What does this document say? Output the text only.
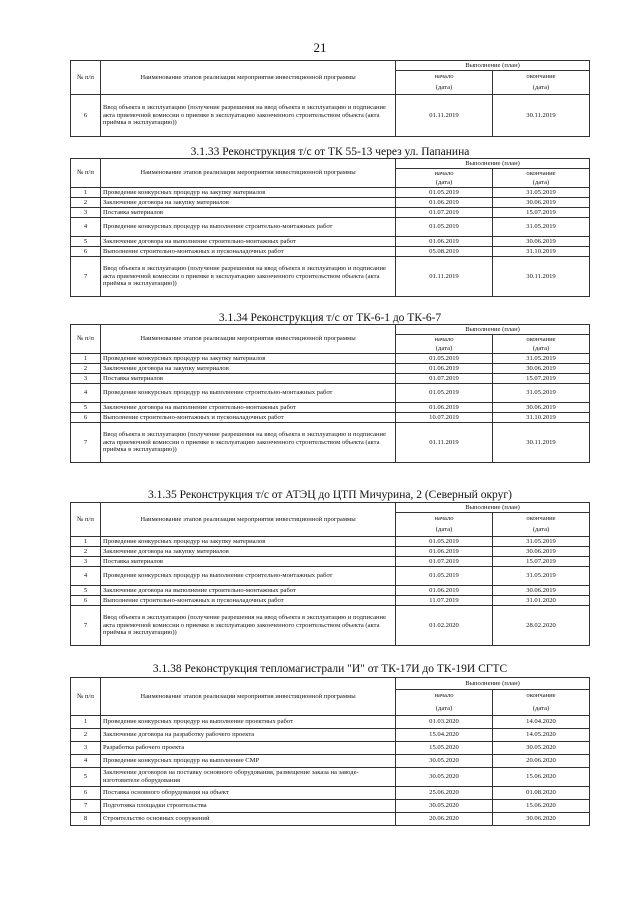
21
№ п/п	Наименование этапов реализации мероприятия инвестиционной программы	Выполнение (план)	
		начало	окончание
		(дата)	(дата)
6	Ввод объекта в эксплуатацию (получение разрешения на ввод объекта в эксплуатацию и подписание акта приемочной комиссии о приемке в эксплуатацию законченного строительством объекта (акта приёмка в эксплуатацию))	01.11.2019	30.11.2019
3.1.33 Реконструкция т/с от ТК 55-13 через ул. Папанина
№ п/п	Наименование этапов реализации мероприятия инвестиционной программы	Выполнение (план)	
		начало	окончание
		(дата)	(дата)
1	Проведение конкурсных процедур на закупку материалов	01.05.2019	31.05.2019
2	Заключение договора на закупку материалов	01.06.2019	30.06.2019
3	Поставка материалов	01.07.2019	15.07.2019
4	Проведение конкурсных процедур на выполнение строительно-монтажных работ	01.05.2019	31.05.2019
5	Заключение договора на выполнение строительно-монтажных работ	01.06.2019	30.06.2019
6	Выполнение строительно-монтажных и пусконаладочных работ	05.08.2019	31.10.2019
7	Ввод объекта в эксплуатацию (получение разрешения на ввод объекта в эксплуатацию и подписание акта приемочной комиссии о приемке в эксплуатацию законченного строительством объекта (акта приёмка в эксплуатацию))	01.11.2019	30.11.2019
3.1.34 Реконструкция т/с от ТК-6-1 до ТК-6-7
№ п/п	Наименование этапов реализации мероприятия инвестиционной программы	Выполнение (план)	
		начало	окончание
		(дата)	(дата)
1	Проведение конкурсных процедур на закупку материалов	01.05.2019	31.05.2019
2	Заключение договора на закупку материалов	01.06.2019	30.06.2019
3	Поставка материалов	01.07.2019	15.07.2019
4	Проведение конкурсных процедур на выполнение строительно-монтажных работ	01.05.2019	31.05.2019
5	Заключение договора на выполнение строительно-монтажных работ	01.06.2019	30.06.2019
6	Выполнение строительно-монтажных и пусконаладочных работ	10.07.2019	31.10.2019
7	Ввод объекта в эксплуатацию (получение разрешения на ввод объекта в эксплуатацию и подписание акта приемочной комиссии о приемке в эксплуатацию законченного строительством объекта (акта приёмка в эксплуатацию))	01.11.2019	30.11.2019
3.1.35 Реконструкция т/с от АТЭЦ до ЦТП Мичурина, 2 (Северный округ)
№ п/п	Наименование этапов реализации мероприятия инвестиционной программы	Выполнение (план)	
		начало	окончание
		(дата)	(дата)
1	Проведение конкурсных процедур на закупку материалов	01.05.2019	31.05.2019
2	Заключение договора на закупку материалов	01.06.2019	30.06.2019
3	Поставка материалов	01.07.2019	15.07.2019
4	Проведение конкурсных процедур на выполнение строительно-монтажных работ	01.05.2019	31.05.2019
5	Заключение договора на выполнение строительно-монтажных работ	01.06.2019	30.06.2019
6	Выполнение строительно-монтажных и пусконаладочных работ	11.07.2019	31.01.2020
7	Ввод объекта в эксплуатацию (получение разрешения на ввод объекта в эксплуатацию и подписание акта приемочной комиссии о приемке в эксплуатацию законченного строительством объекта (акта приёмка в эксплуатацию))	01.02.2020	28.02.2020
3.1.38 Реконструкция тепломагистрали "И" от ТК-17И до ТК-19И СГТС
№ п/п	Наименование этапов реализации мероприятия инвестиционной программы	Выполнение (план)	
		начало	окончание
		(дата)	(дата)
1	Проведение конкурсных процедур на выполнение проектных работ	01.03.2020	14.04.2020
2	Заключение договора на разработку рабочего проекта	15.04.2020	14.05.2020
3	Разработка рабочего проекта	15.05.2020	30.05.2020
4	Проведение конкурсных процедур на выполнение СМР	30.05.2020	20.06.2020
5	Заключение договоров на поставку основного оборудования, размещение заказа на заводе-изготовителе оборудования	30.05.2020	15.06.2020
6	Поставка основного оборудования на объект	25.06.2020	01.08.2020
7	Подготовка площадки строительства	30.05.2020	15.06.2020
8	Строительство основных сооружений	20.06.2020	30.06.2020
